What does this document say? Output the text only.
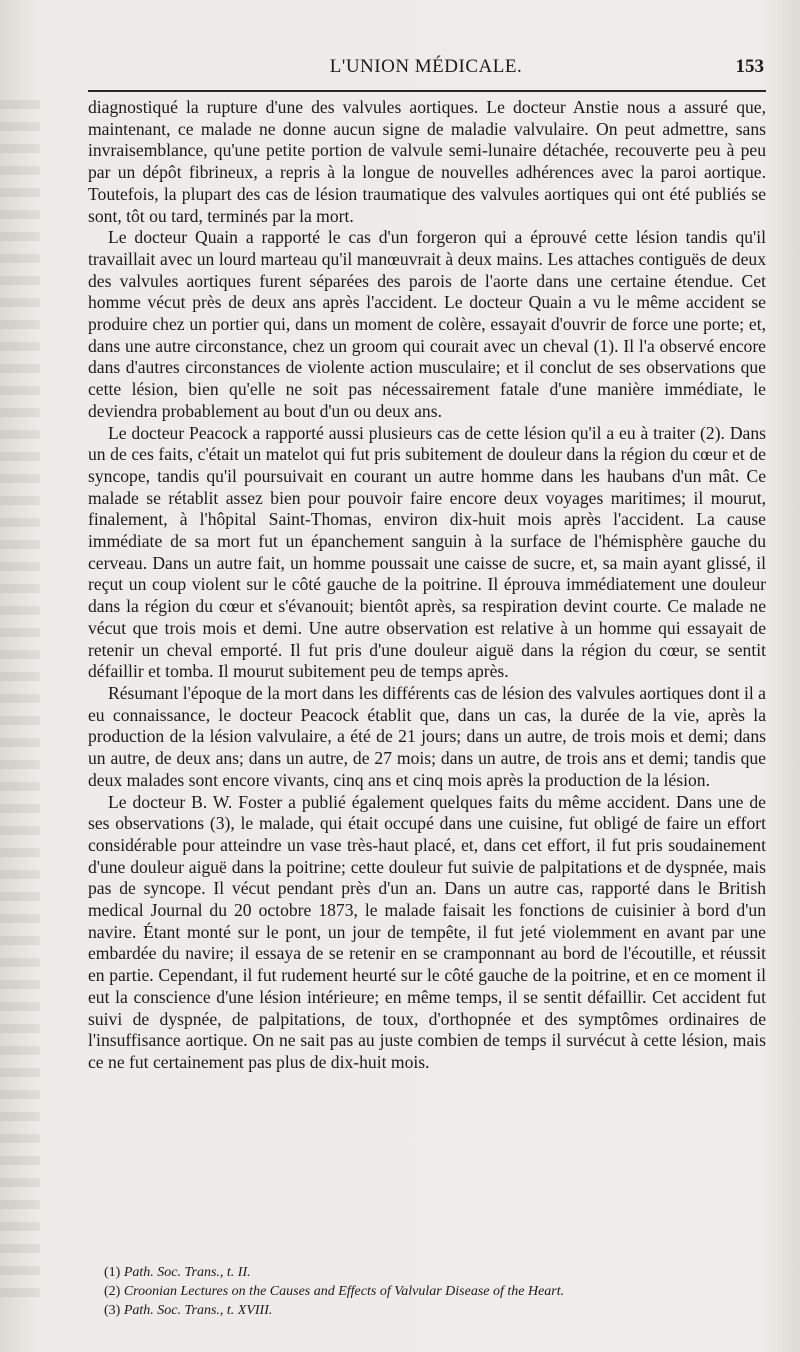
L'UNION MÉDICALE.	153

diagnostiqué la rupture d'une des valvules aortiques. Le docteur Anstie nous a assuré que, maintenant, ce malade ne donne aucun signe de maladie valvulaire. On peut admettre, sans invraisemblance, qu'une petite portion de valvule semi-lunaire détachée, recouverte peu à peu par un dépôt fibrineux, a repris à la longue de nouvelles adhérences avec la paroi aortique. Toutefois, la plupart des cas de lésion traumatique des valvules aortiques qui ont été publiés se sont, tôt ou tard, terminés par la mort.

Le docteur Quain a rapporté le cas d'un forgeron qui a éprouvé cette lésion tandis qu'il travaillait avec un lourd marteau qu'il manœuvrait à deux mains. Les attaches contiguës de deux des valvules aortiques furent séparées des parois de l'aorte dans une certaine étendue. Cet homme vécut près de deux ans après l'accident. Le docteur Quain a vu le même accident se produire chez un portier qui, dans un moment de colère, essayait d'ouvrir de force une porte; et, dans une autre circonstance, chez un groom qui courait avec un cheval (1). Il l'a observé encore dans d'autres circonstances de violente action musculaire; et il conclut de ses observations que cette lésion, bien qu'elle ne soit pas nécessairement fatale d'une manière immédiate, le deviendra probablement au bout d'un ou deux ans.

Le docteur Peacock a rapporté aussi plusieurs cas de cette lésion qu'il a eu à traiter (2). Dans un de ces faits, c'était un matelot qui fut pris subitement de douleur dans la région du cœur et de syncope, tandis qu'il poursuivait en courant un autre homme dans les haubans d'un mât. Ce malade se rétablit assez bien pour pouvoir faire encore deux voyages maritimes; il mourut, finalement, à l'hôpital Saint-Thomas, environ dix-huit mois après l'accident. La cause immédiate de sa mort fut un épanchement sanguin à la surface de l'hémisphère gauche du cerveau. Dans un autre fait, un homme poussait une caisse de sucre, et, sa main ayant glissé, il reçut un coup violent sur le côté gauche de la poitrine. Il éprouva immédiatement une douleur dans la région du cœur et s'évanouit; bientôt après, sa respiration devint courte. Ce malade ne vécut que trois mois et demi. Une autre observation est relative à un homme qui essayait de retenir un cheval emporté. Il fut pris d'une douleur aiguë dans la région du cœur, se sentit défaillir et tomba. Il mourut subitement peu de temps après.

Résumant l'époque de la mort dans les différents cas de lésion des valvules aortiques dont il a eu connaissance, le docteur Peacock établit que, dans un cas, la durée de la vie, après la production de la lésion valvulaire, a été de 21 jours; dans un autre, de trois mois et demi; dans un autre, de deux ans; dans un autre, de 27 mois; dans un autre, de trois ans et demi; tandis que deux malades sont encore vivants, cinq ans et cinq mois après la production de la lésion.

Le docteur B. W. Foster a publié également quelques faits du même accident. Dans une de ses observations (3), le malade, qui était occupé dans une cuisine, fut obligé de faire un effort considérable pour atteindre un vase très-haut placé, et, dans cet effort, il fut pris soudainement d'une douleur aiguë dans la poitrine; cette douleur fut suivie de palpitations et de dyspnée, mais pas de syncope. Il vécut pendant près d'un an. Dans un autre cas, rapporté dans le British medical Journal du 20 octobre 1873, le malade faisait les fonctions de cuisinier à bord d'un navire. Étant monté sur le pont, un jour de tempête, il fut jeté violemment en avant par une embardée du navire; il essaya de se retenir en se cramponnant au bord de l'écoutille, et réussit en partie. Cependant, il fut rudement heurté sur le côté gauche de la poitrine, et en ce moment il eut la conscience d'une lésion intérieure; en même temps, il se sentit défaillir. Cet accident fut suivi de dyspnée, de palpitations, de toux, d'orthopnée et des symptômes ordinaires de l'insuffisance aortique. On ne sait pas au juste combien de temps il survécut à cette lésion, mais ce ne fut certainement pas plus de dix-huit mois.

(1) Path. Soc. Trans., t. II.
(2) Croonian Lectures on the Causes and Effects of Valvular Disease of the Heart.
(3) Path. Soc. Trans., t. XVIII.
